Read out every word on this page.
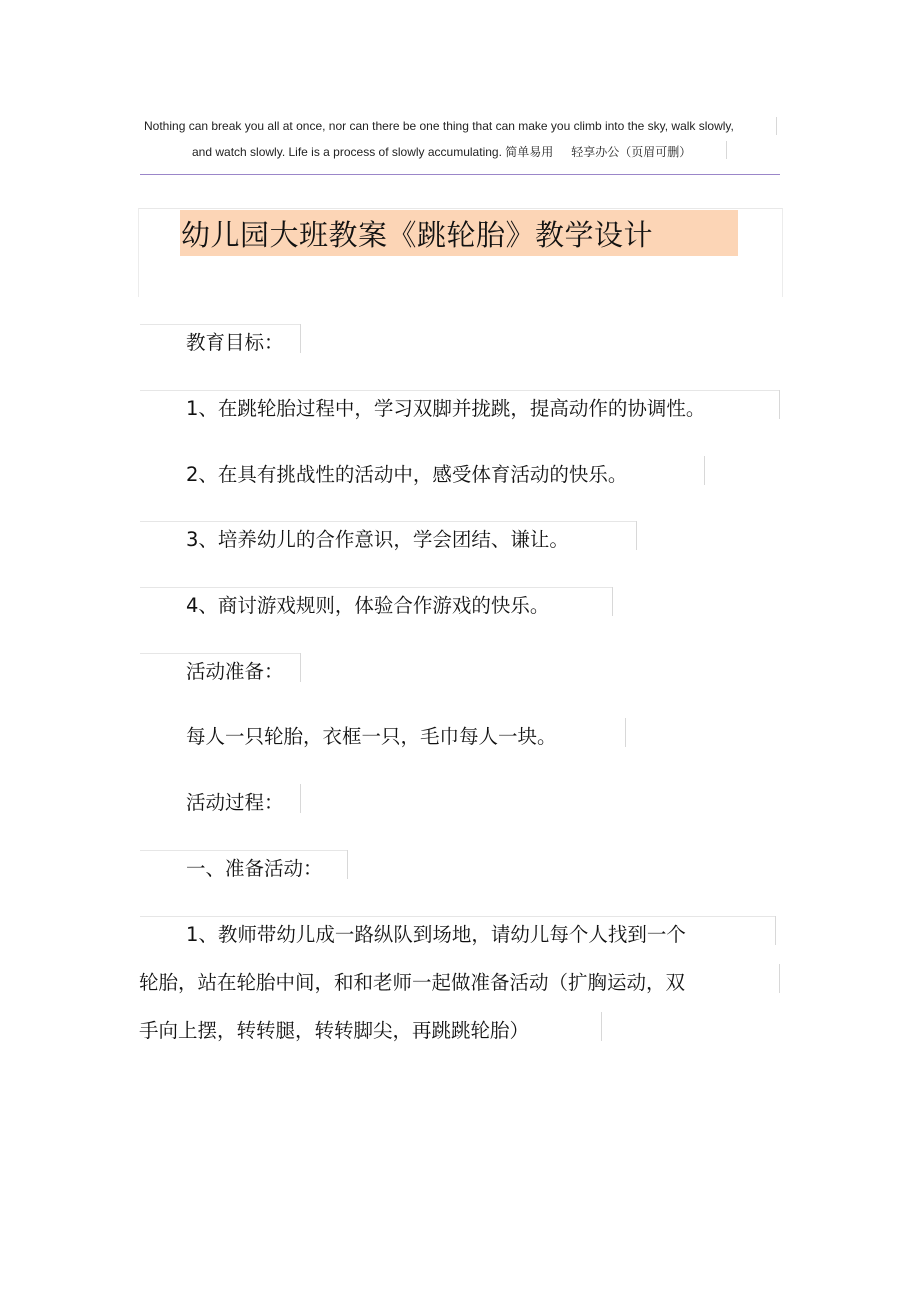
Nothing can break you all at once, nor can there be one thing that can make you climb into the sky, walk slowly,
and watch slowly. Life is a process of slowly accumulating. 简单易用 轻享办公（页眉可删）
幼儿园大班教案《跳轮胎》教学设计
教育目标：
1、在跳轮胎过程中，学习双脚并拢跳，提高动作的协调性。
2、在具有挑战性的活动中，感受体育活动的快乐。
3、培养幼儿的合作意识，学会团结、谦让。
4、商讨游戏规则，体验合作游戏的快乐。
活动准备：
每人一只轮胎，衣框一只，毛巾每人一块。
活动过程：
一、准备活动：
1、教师带幼儿成一路纵队到场地，请幼儿每个人找到一个
轮胎，站在轮胎中间，和和老师一起做准备活动（扩胸运动，双
手向上摆，转转腿，转转脚尖，再跳跳轮胎）
